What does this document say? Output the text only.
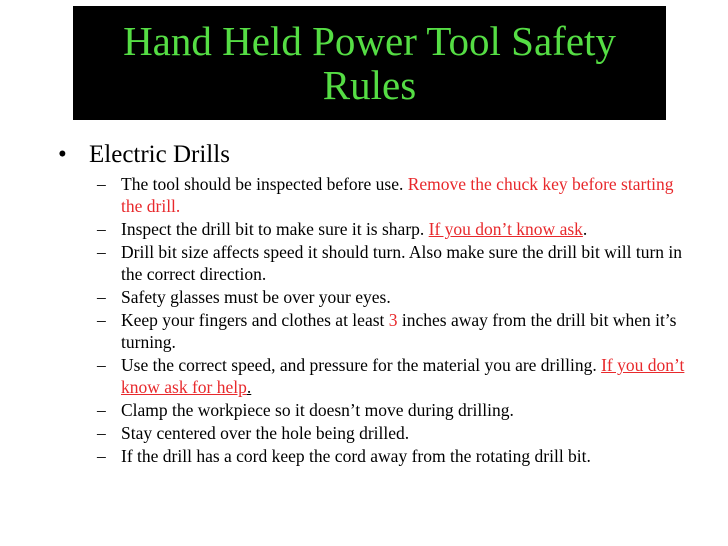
Hand Held Power Tool Safety
Rules
• Electric Drills
– The tool should be inspected before use. Remove the chuck key before starting the drill.
– Inspect the drill bit to make sure it is sharp. If you don’t know ask.
– Drill bit size affects speed it should turn. Also make sure the drill bit will turn in the correct direction.
– Safety glasses must be over your eyes.
– Keep your fingers and clothes at least 3 inches away from the drill bit when it’s turning.
– Use the correct speed, and pressure for the material you are drilling. If you don’t know ask for help.
– Clamp the workpiece so it doesn’t move during drilling.
– Stay centered over the hole being drilled.
– If the drill has a cord keep the cord away from the rotating drill bit.
